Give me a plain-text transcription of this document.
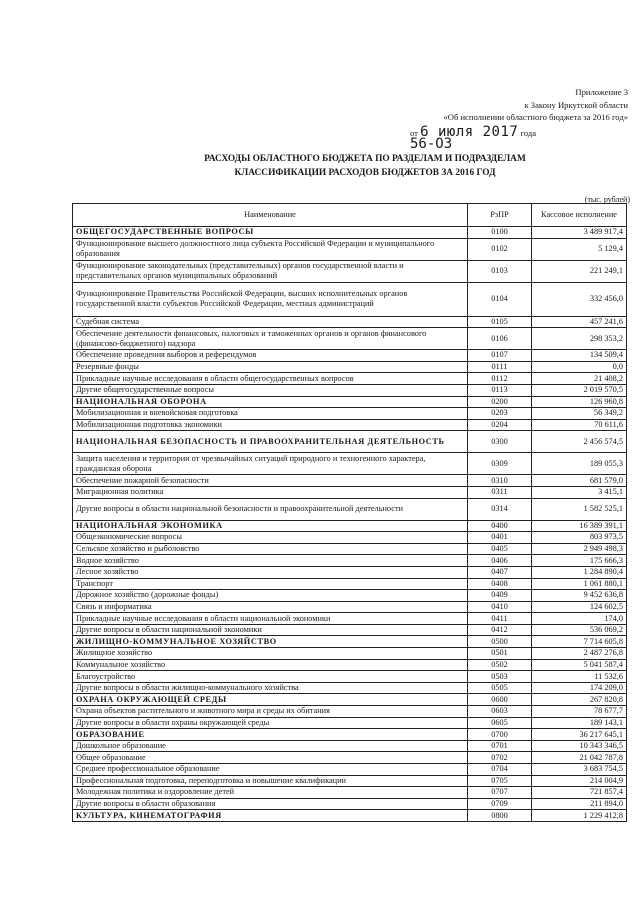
Приложение 3
к Закону Иркутской области
«Об исполнении областного бюджета за 2016 год»
от 6 июля 2017 года
56-ОЗ
РАСХОДЫ ОБЛАСТНОГО БЮДЖЕТА ПО РАЗДЕЛАМ И ПОДРАЗДЕЛАМ
КЛАССИФИКАЦИИ РАСХОДОВ БЮДЖЕТОВ ЗА 2016 ГОД
(тыс. рублей)
Наименование	РзПР	Кассовое исполнение
ОБЩЕГОСУДАРСТВЕННЫЕ ВОПРОСЫ	0100	3 489 917,4
Функционирование высшего должностного лица субъекта Российской Федерации и муниципального образования	0102	5 129,4
Функционирование законодательных (представительных) органов государственной власти и представительных органов муниципальных образований	0103	221 249,1
Функционирование Правительства Российской Федерации, высших исполнительных органов государственной власти субъектов Российской Федерации, местных администраций	0104	332 456,0
Судебная система	0105	457 241,6
Обеспечение деятельности финансовых, налоговых и таможенных органов и органов финансового (финансово-бюджетного) надзора	0106	298 353,2
Обеспечение проведения выборов и референдумов	0107	134 509,4
Резервные фонды	0111	0,0
Прикладные научные исследования в области общегосударственных вопросов	0112	21 408,2
Другие общегосударственные вопросы	0113	2 019 570,5
НАЦИОНАЛЬНАЯ ОБОРОНА	0200	126 960,8
Мобилизационная и вневойсковая подготовка	0203	56 349,2
Мобилизационная подготовка экономики	0204	70 611,6
НАЦИОНАЛЬНАЯ БЕЗОПАСНОСТЬ И ПРАВООХРАНИТЕЛЬНАЯ ДЕЯТЕЛЬНОСТЬ	0300	2 456 574,5
Защита населения и территории от чрезвычайных ситуаций природного и техногенного характера, гражданская оборона	0309	189 055,3
Обеспечение пожарной безопасности	0310	681 579,0
Миграционная политика	0311	3 415,1
Другие вопросы в области национальной безопасности и правоохранительной деятельности	0314	1 582 525,1
НАЦИОНАЛЬНАЯ ЭКОНОМИКА	0400	16 389 391,1
Общеэкономические вопросы	0401	803 973,5
Сельское хозяйство и рыболовство	0405	2 949 498,3
Водное хозяйство	0406	175 666,3
Лесное хозяйство	0407	1 284 890,4
Транспорт	0408	1 061 880,1
Дорожное хозяйство (дорожные фонды)	0409	9 452 636,8
Связь и информатика	0410	124 602,5
Прикладные научные исследования в области национальной экономики	0411	174,0
Другие вопросы в области национальной экономики	0412	536 069,2
ЖИЛИЩНО-КОММУНАЛЬНОЕ ХОЗЯЙСТВО	0500	7 714 605,8
Жилищное хозяйство	0501	2 487 276,8
Коммунальное хозяйство	0502	5 041 587,4
Благоустройство	0503	11 532,6
Другие вопросы в области жилищно-коммунального хозяйства	0505	174 209,0
ОХРАНА ОКРУЖАЮЩЕЙ СРЕДЫ	0600	267 820,8
Охрана объектов растительного и животного мира и среды их обитания	0603	78 677,7
Другие вопросы в области охраны окружающей среды	0605	189 143,1
ОБРАЗОВАНИЕ	0700	36 217 645,1
Дошкольное образование	0701	10 343 346,5
Общее образование	0702	21 042 787,8
Среднее профессиональное образование	0704	3 683 754,5
Профессиональная подготовка, переподготовка и повышение квалификации	0705	214 004,9
Молодежная политика и оздоровление детей	0707	721 857,4
Другие вопросы в области образования	0709	211 894,0
КУЛЬТУРА, КИНЕМАТОГРАФИЯ	0800	1 229 412,8
